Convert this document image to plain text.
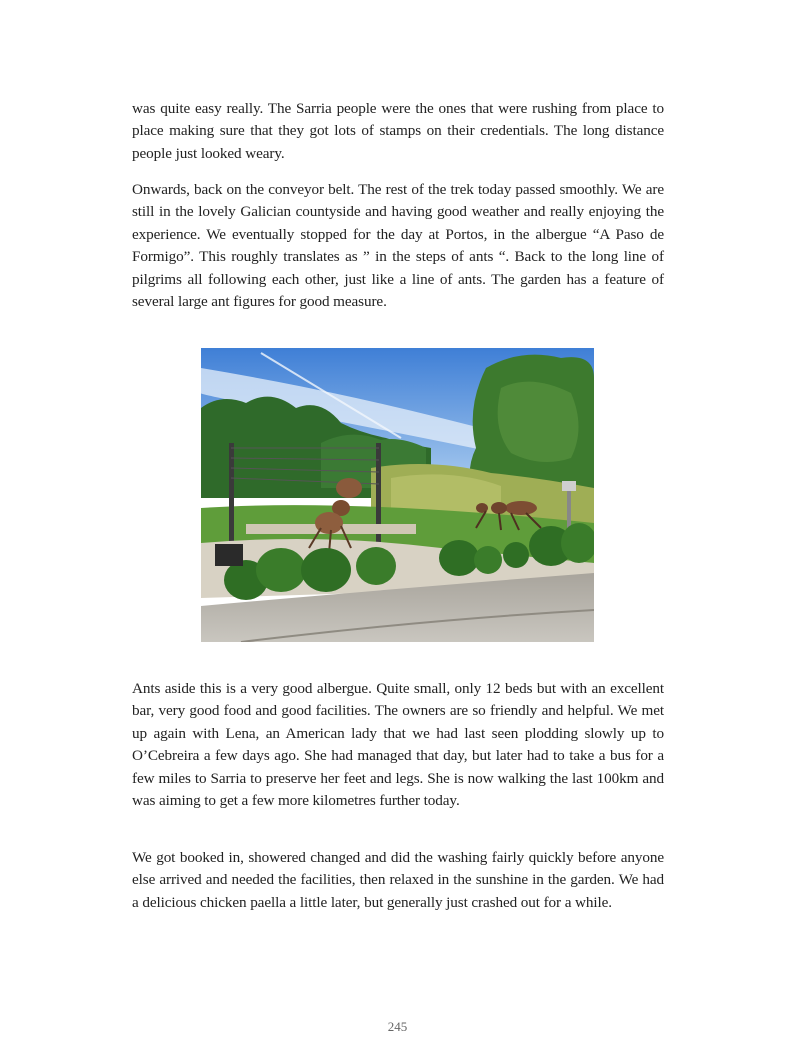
was quite easy really. The Sarria people were the ones that were rushing from place to place making sure that they got lots of stamps on their credentials. The long distance people just looked weary.

Onwards, back on the conveyor belt. The rest of the trek today passed smoothly. We are still in the lovely Galician countyside and having good weather and really enjoying the experience. We eventually stopped for the day at Portos, in the albergue “A Paso de Formigo”. This roughly translates as ” in the steps of ants “. Back to the long line of pilgrims all following each other, just like a line of ants. The garden has a feature of several large ant figures for good measure.

Ants aside this is a very good albergue. Quite small, only 12 beds but with an excellent bar, very good food and good facilities. The owners are so friendly and helpful. We met up again with Lena, an American lady that we had last seen plodding slowly up to O’Cebreira a few days ago. She had managed that day, but later had to take a bus for a few miles to Sarria to preserve her feet and legs. She is now walking the last 100km and was aiming to get a few more kilometres further today.

We got booked in, showered changed and did the washing fairly quickly before anyone else arrived and needed the facilities, then relaxed in the sunshine in the garden. We had a delicious chicken paella a little later, but generally just crashed out for a while.

245
